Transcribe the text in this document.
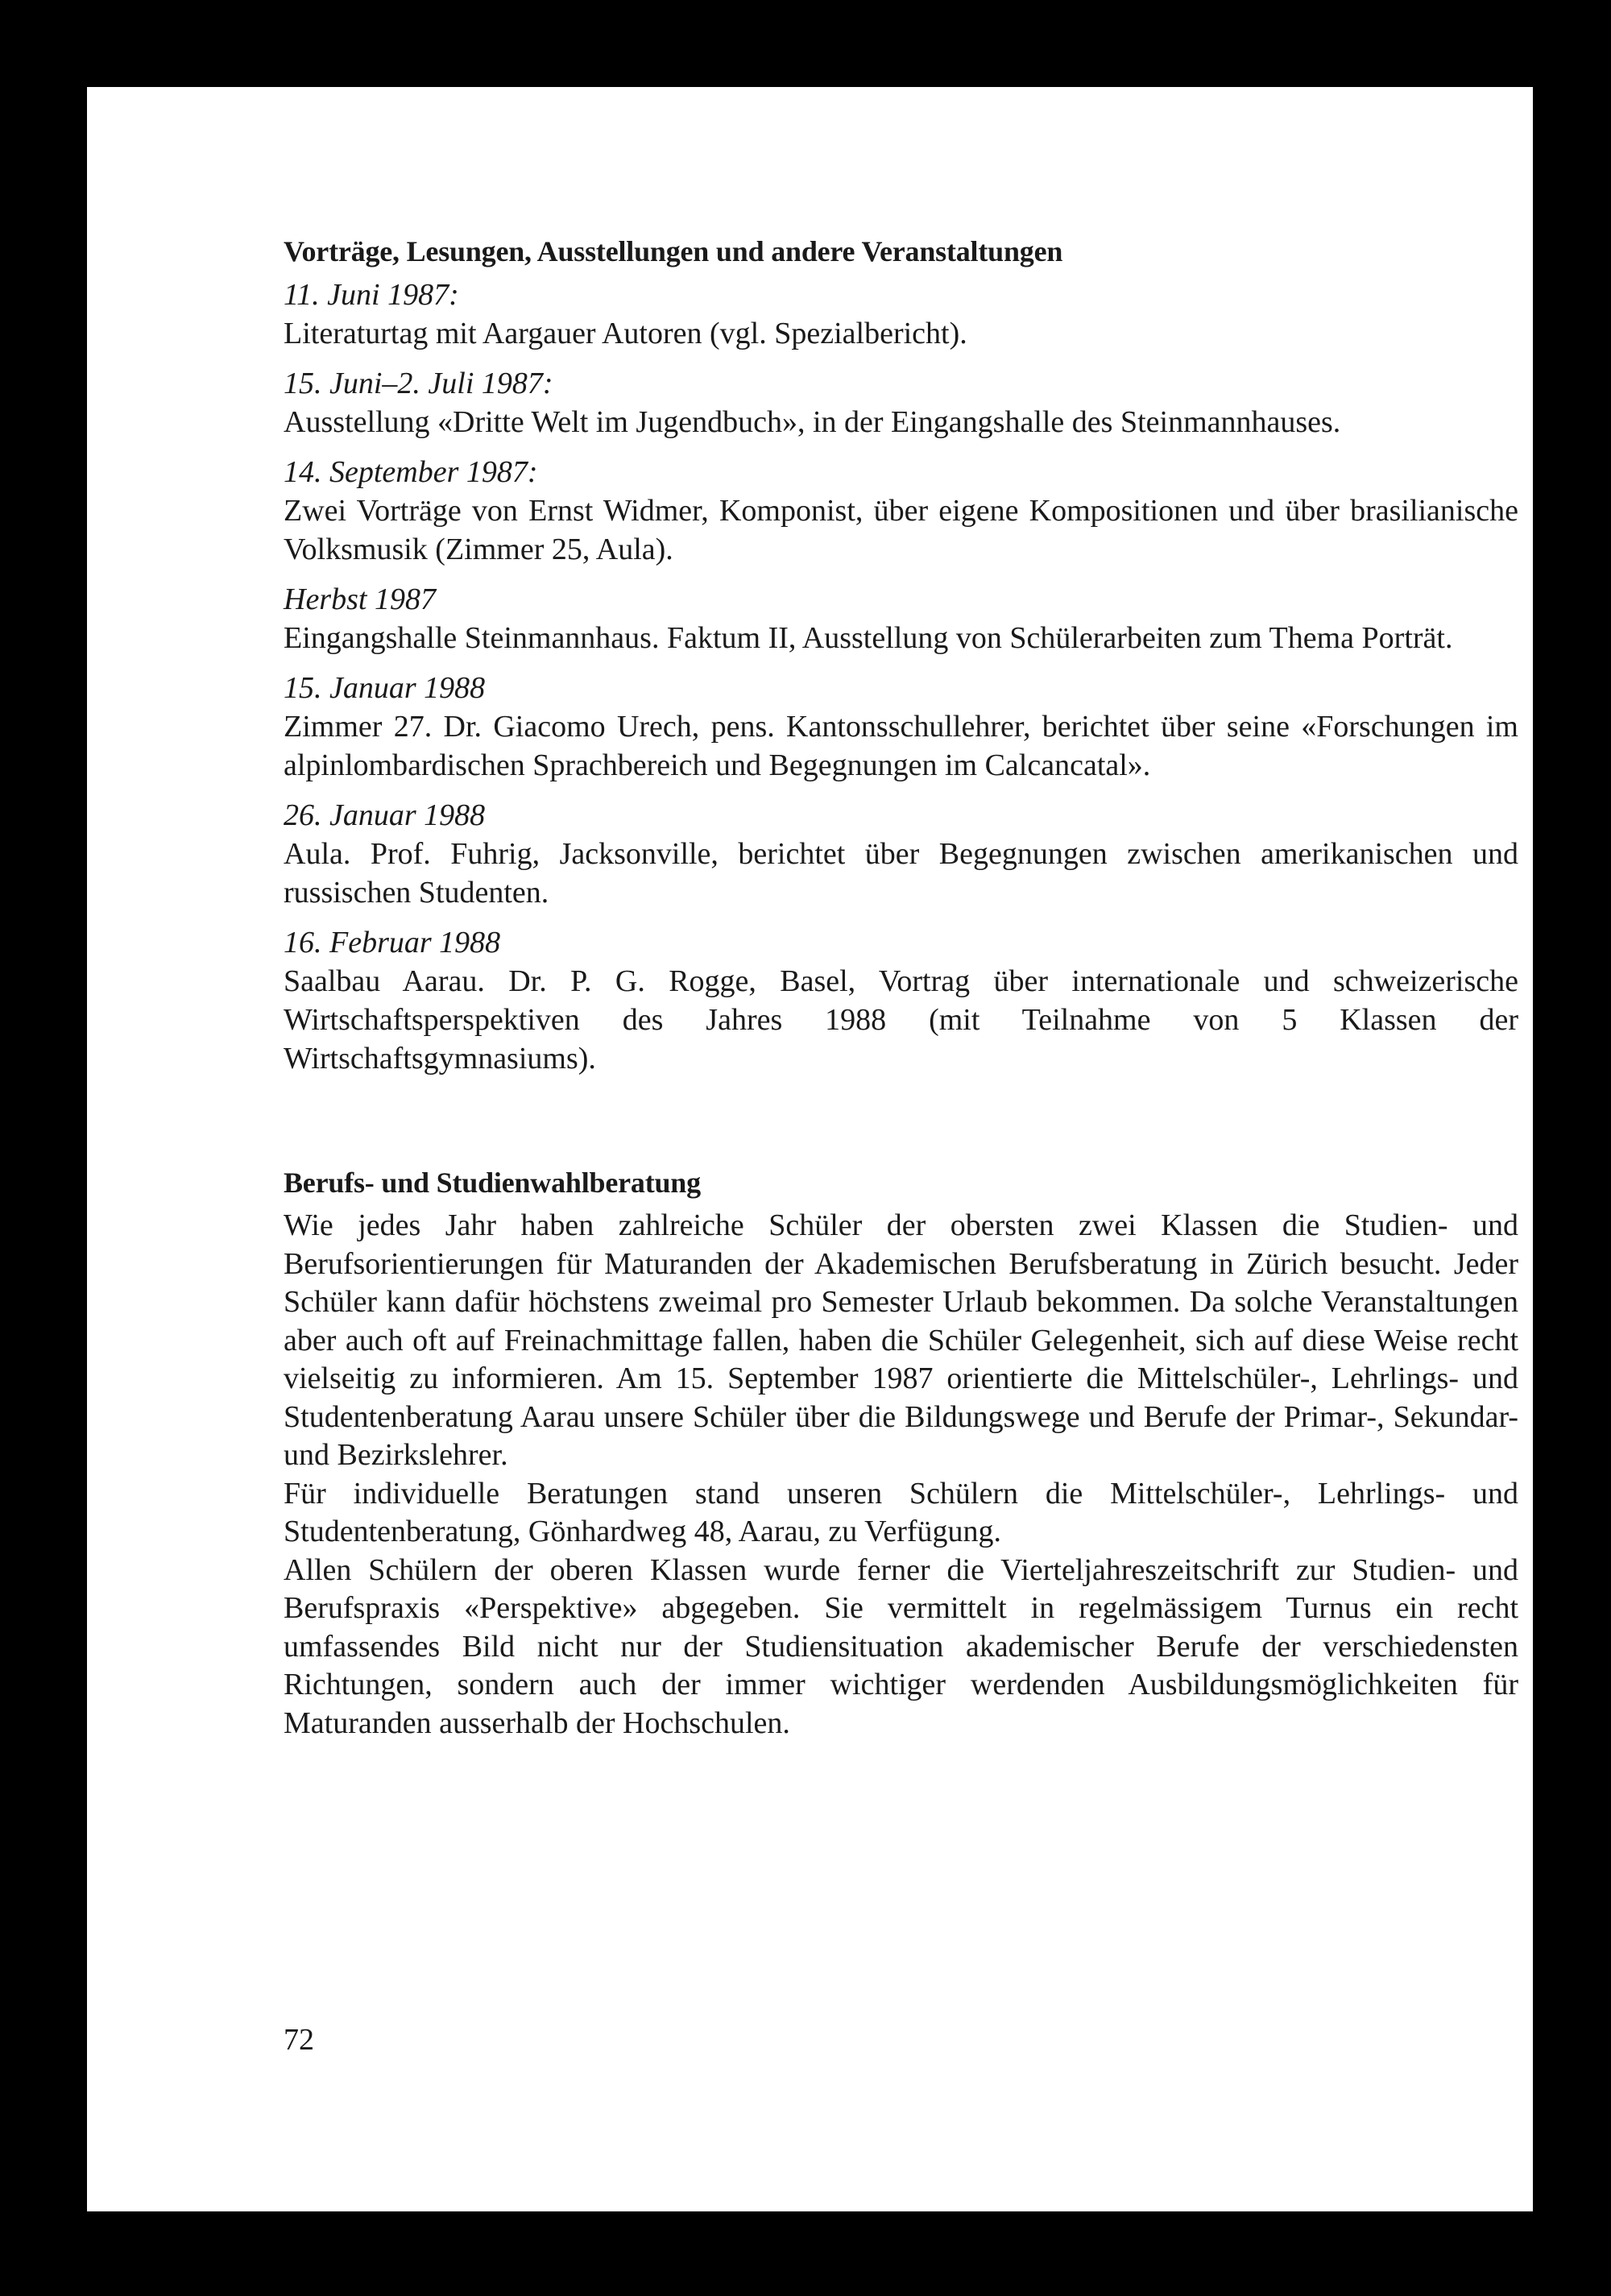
Vorträge, Lesungen, Ausstellungen und andere Veranstaltungen

11. Juni 1987:

Literaturtag mit Aargauer Autoren (vgl. Spezialbericht).

15. Juni–2. Juli 1987:

Ausstellung «Dritte Welt im Jugendbuch», in der Eingangshalle des Steinmannhauses.

14. September 1987:

Zwei Vorträge von Ernst Widmer, Komponist, über eigene Kompositionen und über brasilianische Volksmusik (Zimmer 25, Aula).

Herbst 1987

Eingangshalle Steinmannhaus. Faktum II, Ausstellung von Schülerarbeiten zum Thema Porträt.

15. Januar 1988

Zimmer 27. Dr. Giacomo Urech, pens. Kantonsschullehrer, berichtet über seine «Forschungen im alpinlombardischen Sprachbereich und Begegnungen im Calcancatal».

26. Januar 1988

Aula. Prof. Fuhrig, Jacksonville, berichtet über Begegnungen zwischen amerikanischen und russischen Studenten.

16. Februar 1988

Saalbau Aarau. Dr. P. G. Rogge, Basel, Vortrag über internationale und schweizerische Wirtschaftsperspektiven des Jahres 1988 (mit Teilnahme von 5 Klassen der Wirtschaftsgymnasiums).

Berufs- und Studienwahlberatung

Wie jedes Jahr haben zahlreiche Schüler der obersten zwei Klassen die Studien- und Berufsorientierungen für Maturanden der Akademischen Berufsberatung in Zürich besucht. Jeder Schüler kann dafür höchstens zweimal pro Semester Urlaub bekommen. Da solche Veranstaltungen aber auch oft auf Freinachmittage fallen, haben die Schüler Gelegenheit, sich auf diese Weise recht vielseitig zu informieren. Am 15. September 1987 orientierte die Mittelschüler-, Lehrlings- und Studentenberatung Aarau unsere Schüler über die Bildungswege und Berufe der Primar-, Sekundar- und Bezirkslehrer.

Für individuelle Beratungen stand unseren Schülern die Mittelschüler-, Lehrlings- und Studentenberatung, Gönhardweg 48, Aarau, zu Verfügung.

Allen Schülern der oberen Klassen wurde ferner die Vierteljahreszeitschrift zur Studien- und Berufspraxis «Perspektive» abgegeben. Sie vermittelt in regelmässigem Turnus ein recht umfassendes Bild nicht nur der Studiensituation akademischer Berufe der verschiedensten Richtungen, sondern auch der immer wichtiger werdenden Ausbildungsmöglichkeiten für Maturanden ausserhalb der Hochschulen.

72
